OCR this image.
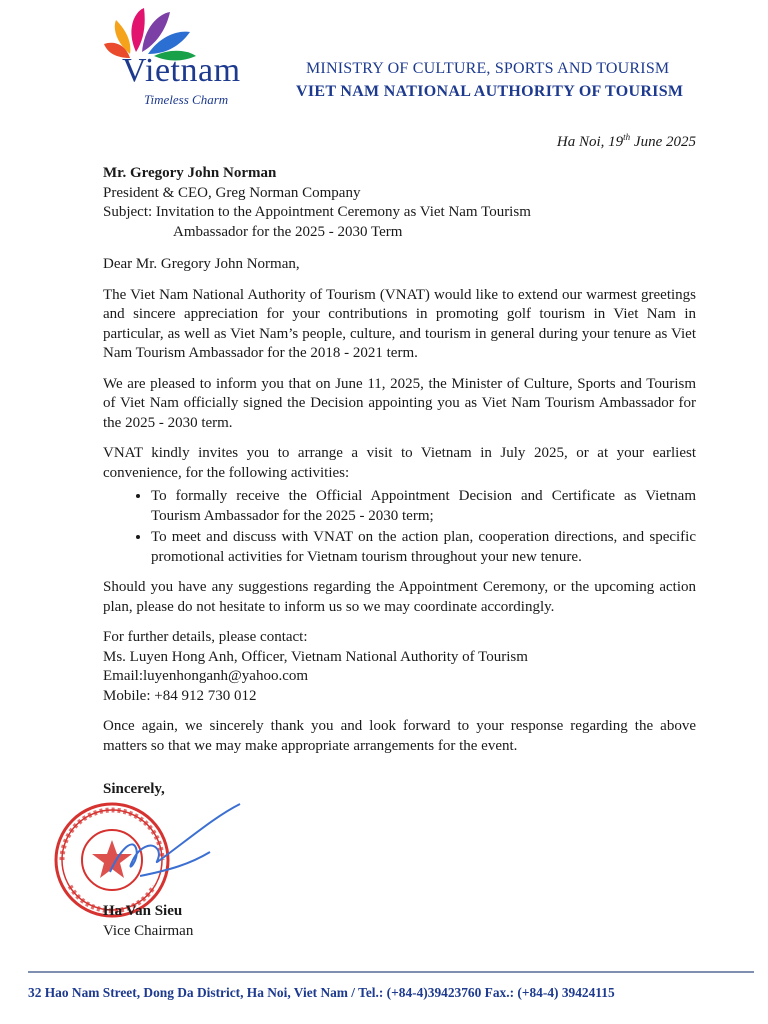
Vietnam
Timeless Charm
MINISTRY OF CULTURE, SPORTS AND TOURISM
VIET NAM NATIONAL AUTHORITY OF TOURISM
Ha Noi, 19th June 2025

Mr. Gregory John Norman

President & CEO, Greg Norman Company

Subject: Invitation to the Appointment Ceremony as Viet Nam Tourism

Ambassador for the 2025 - 2030 Term

Dear Mr. Gregory John Norman,

The Viet Nam National Authority of Tourism (VNAT) would like to extend our warmest greetings and sincere appreciation for your contributions in promoting golf tourism in Viet Nam in particular, as well as Viet Nam’s people, culture, and tourism in general during your tenure as Viet Nam Tourism Ambassador for the 2018 - 2021 term.

We are pleased to inform you that on June 11, 2025, the Minister of Culture, Sports and Tourism of Viet Nam officially signed the Decision appointing you as Viet Nam Tourism Ambassador for the 2025 - 2030 term.

VNAT kindly invites you to arrange a visit to Vietnam in July 2025, or at your earliest convenience, for the following activities:

• To formally receive the Official Appointment Decision and Certificate as Vietnam Tourism Ambassador for the 2025 - 2030 term;
• To meet and discuss with VNAT on the action plan, cooperation directions, and specific promotional activities for Vietnam tourism throughout your new tenure.

Should you have any suggestions regarding the Appointment Ceremony, or the upcoming action plan, please do not hesitate to inform us so we may coordinate accordingly.

For further details, please contact:

Ms. Luyen Hong Anh, Officer, Vietnam National Authority of Tourism

Email:luyenhonganh@yahoo.com

Mobile: +84 912 730 012

Once again, we sincerely thank you and look forward to your response regarding the above matters so that we may make appropriate arrangements for the event.

Sincerely,

Ha Van Sieu
Vice Chairman
32 Hao Nam Street, Dong Da District, Ha Noi, Viet Nam / Tel.: (+84-4)39423760 Fax.: (+84-4) 39424115
